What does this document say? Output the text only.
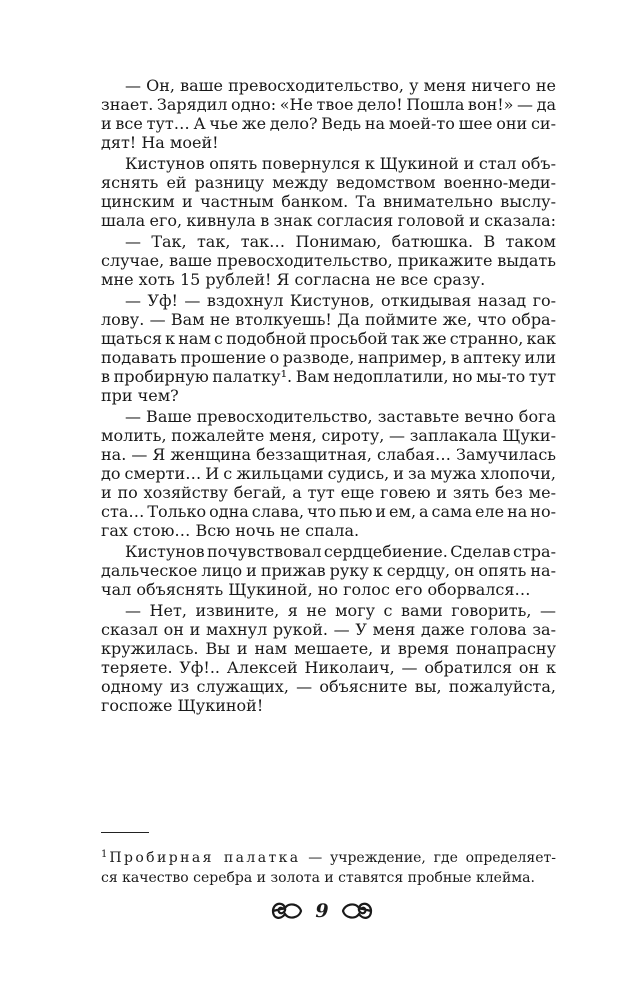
— Он, ваше превосходительство, у меня ничего не
знает. Зарядил одно: «Не твое дело! Пошла вон!» — да
и все тут… А чье же дело? Ведь на моей-то шее они си-
дят! На моей!
Кистунов опять повернулся к Щукиной и стал объ-
яснять ей разницу между ведомством военно-меди-
цинским и частным банком. Та внимательно выслу-
шала его, кивнула в знак согласия головой и сказала:
— Так, так, так… Понимаю, батюшка. В таком
случае, ваше превосходительство, прикажите выдать
мне хоть 15 рублей! Я согласна не все сразу.
— Уф! — вздохнул Кистунов, откидывая назад го-
лову. — Вам не втолкуешь! Да поймите же, что обра-
щаться к нам с подобной просьбой так же странно, как
подавать прошение о разводе, например, в аптеку или
в пробирную палатку¹. Вам недоплатили, но мы-то тут
при чем?
— Ваше превосходительство, заставьте вечно бога
молить, пожалейте меня, сироту, — заплакала Щуки-
на. — Я женщина беззащитная, слабая… Замучилась
до смерти… И с жильцами судись, и за мужа хлопочи,
и по хозяйству бегай, а тут еще говею и зять без ме-
ста… Только одна слава, что пью и ем, а сама еле на но-
гах стою… Всю ночь не спала.
Кистунов почувствовал сердцебиение. Сделав стра-
дальческое лицо и прижав руку к сердцу, он опять на-
чал объяснять Щукиной, но голос его оборвался…
— Нет, извините, я не могу с вами говорить, —
сказал он и махнул рукой. — У меня даже голова за-
кружилась. Вы и нам мешаете, и время понапрасну
теряете. Уф!.. Алексей Николаич, — обратился он к
одному из служащих, — объясните вы, пожалуйста,
госпоже Щукиной!
$^1$ Пробирная палатка — учреждение, где определяет-
ся качество серебра и золота и ставятся пробные клейма.
9
